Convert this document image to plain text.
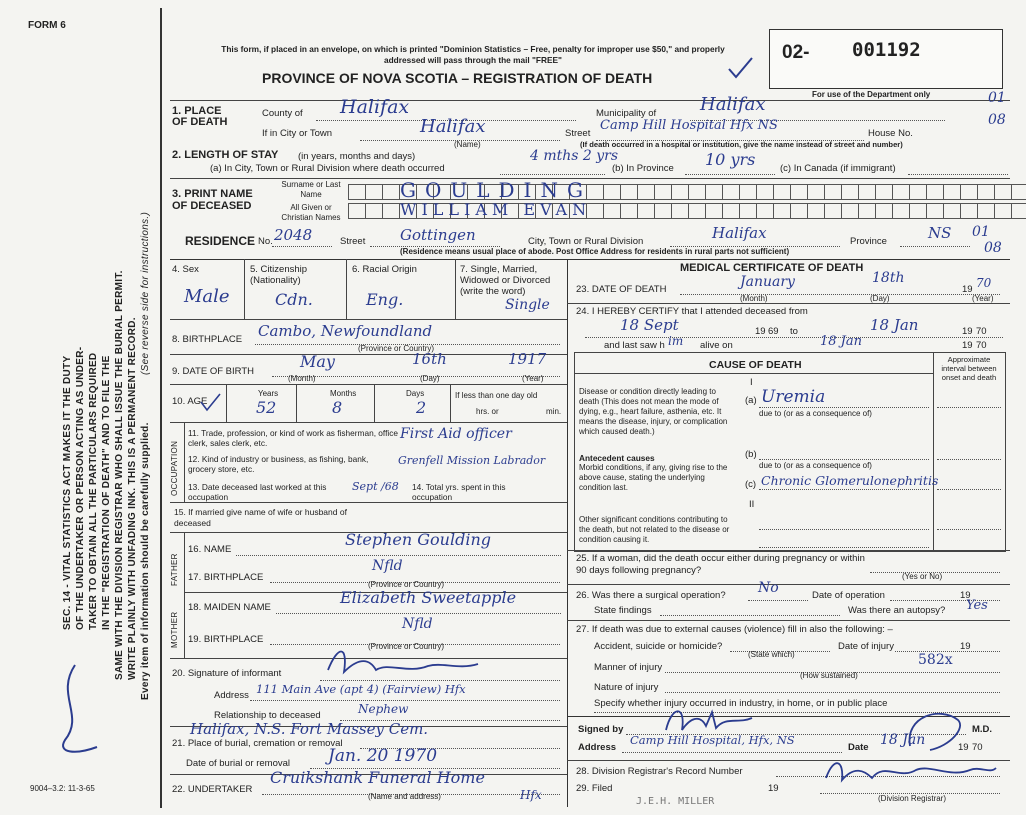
FORM 6
SEC. 14 - VITAL STATISTICS ACT MAKES IT THE DUTY OF THE UNDERTAKER OR PERSON ACTING AS UNDER- TAKER TO OBTAIN ALL THE PARTICULARS REQUIRED IN THE "REGISTRATION OF DEATH" AND TO FILE THE SAME WITH THE DIVISION REGISTRAR WHO SHALL ISSUE THE BURIAL PERMIT. WRITE PLAINLY WITH UNFADING INK. THIS IS A PERMANENT RECORD. Every item of information should be carefully supplied.
(See reverse side for instructions.)
9004–3.2: 11-3-65
This form, if placed in an envelope, on which is printed "Dominion Statistics – Free, penalty for improper use $50," and properly addressed will pass through the mail "FREE"
PROVINCE OF NOVA SCOTIA – REGISTRATION OF DEATH
02- 001192
For use of the Department only
1. PLACE OF DEATH
County of Halifax	Municipality of Halifax	01
If in City or Town	Halifax
(Name)
Street
Camp Hill Hospital Hfx NS
House No.
08
(If death occurred in a hospital or institution, give the name instead of street and number)
2. LENGTH OF STAY (in years, months and days)
(a) In City, Town or Rural Division where death occurred
4 mths 2 yrs
(b) In Province 10 yrs	(c) In Canada (if immigrant)
3. PRINT NAME OF DECEASED
Surname or Last Name
All Given or Christian Names
GOULDING
WILLIAM EVAN
RESIDENCE No. 2048	Street Gottingen	City, Town or Rural Division	Halifax	Province	NS 01
08
(Residence means usual place of abode. Post Office Address for residents in rural parts not sufficient)
4. Sex
Male
5. Citizenship (Nationality)
Cdn.
6. Racial Origin
Eng.
7. Single, Married, Widowed or Divorced (write the word)
Single
8. BIRTHPLACE Cambo, Newfoundland
(Province or Country)
9. DATE OF BIRTH
May	16th	1917
(Month)	(Day)	(Year)
10. AGE
Years	Months	Days
52	8	2
If less than one day old
hrs. or	min.
OCCUPATION
11. Trade, profession, or kind of work as fisherman, office clerk, sales clerk, etc.
First Aid officer
12. Kind of industry or business, as fishing, bank, grocery store, etc.
Grenfell Mission Labrador
13. Date deceased last worked at this occupation
Sept /68 14. Total yrs. spent in this occupation
15. If married give name of wife or husband of deceased
FATHER
16. NAME
Stephen Goulding
17. BIRTHPLACE
Nfld
(Province or Country)
MOTHER
18. MAIDEN NAME
Elizabeth Sweetapple
19. BIRTHPLACE
Nfld
(Province or Country)
20. Signature of informant
Address 111 Main Ave (apt 4) (Fairview) Hfx
Relationship to deceased	Nephew
21. Place of burial, cremation or removal
Halifax, N.S. Fort Massey Cem.
Date of burial or removal Jan. 20 1970
22. UNDERTAKER
Cruikshank Funeral Home
Hfx
(Name and address)
MEDICAL CERTIFICATE OF DEATH
23. DATE OF DEATH	January	18th
19 70
(Month)	(Day)	(Year)
24. I HEREBY CERTIFY that I attended deceased from
18 Sept	19 69 to	18 Jan	19 70
and last saw h im alive on	18 Jan	19 70
CAUSE OF DEATH	Approximate interval between onset and death
I
Disease or condition directly leading to death (This does not mean the mode of dying, e.g., heart failure, asthenia, etc. It means the disease, injury, or complication which caused death.)
(a) Uremia
due to (or as a consequence of)
Antecedent causes
Morbid conditions, if any, giving rise to the above cause, stating the underlying condition last.
(b)
due to (or as a consequence of)
(c) Chronic Glomerulonephritis
II
Other significant conditions contributing to the death, but not related to the disease or condition causing it.
25. If a woman, did the death occur either during pregnancy or within 90 days following pregnancy?
(Yes or No)
26. Was there a surgical operation? No	Date of operation	19
State findings	Was there an autopsy? Yes
27. If death was due to external causes (violence) fill in also the following: –
Accident, suicide or homicide?
(State which)
Date of injury	19
Manner of injury	582x
(How sustained)
Nature of injury
Specify whether injury occurred in industry, in home, or in public place
Signed by	M.D.
Address
Camp Hill Hospital, Hfx, NS
Date 18 Jan	19 70
28. Division Registrar's Record Number
29. Filed	19
(Division Registrar)
J.E.H. MILLER
